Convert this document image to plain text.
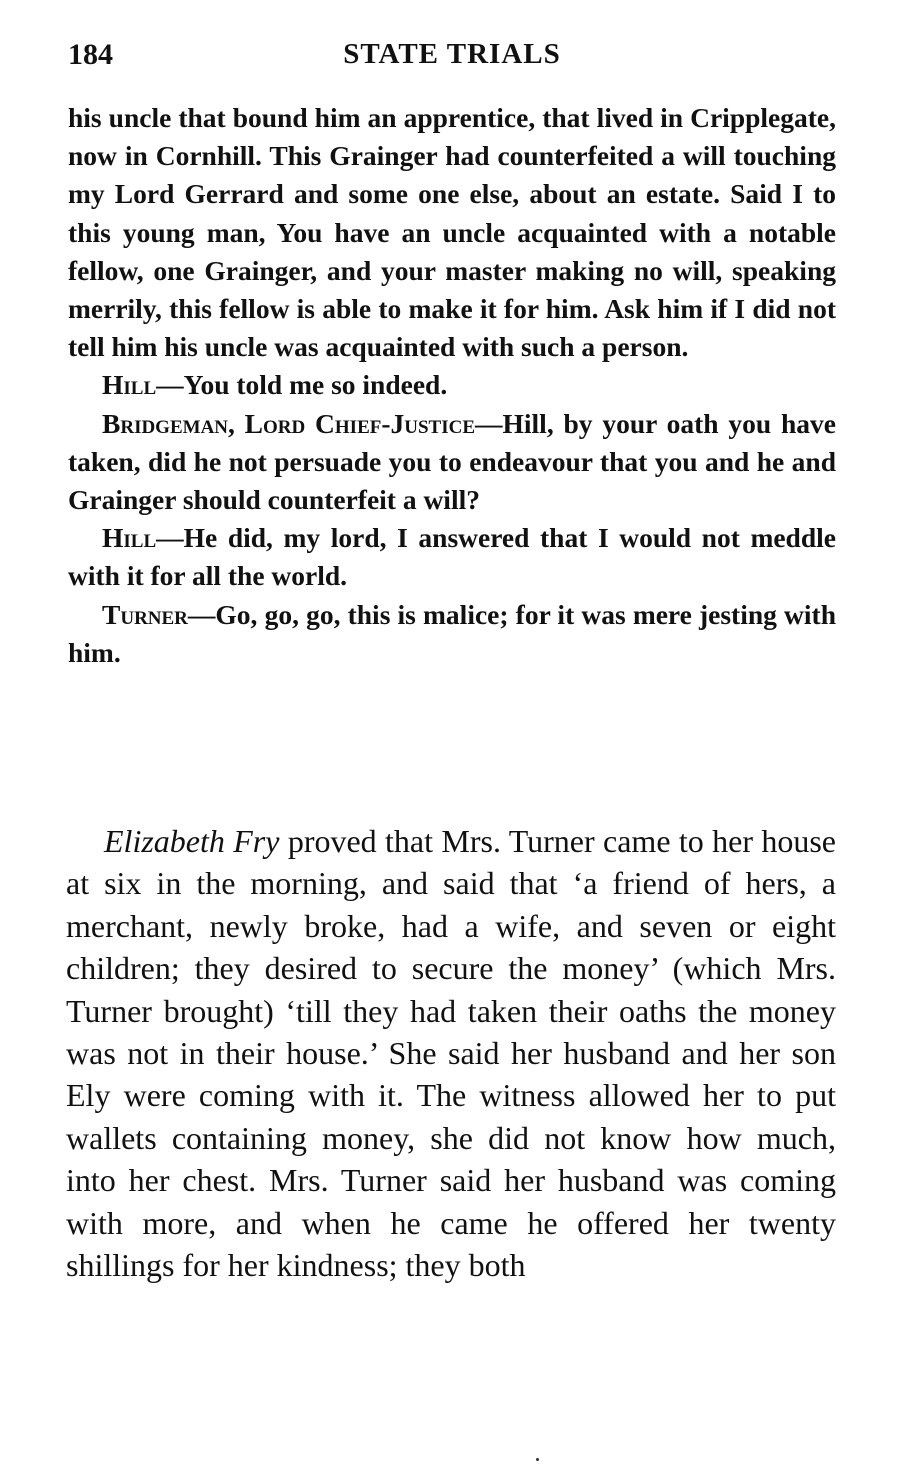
184	STATE TRIALS

his uncle that bound him an apprentice, that lived in Cripplegate, now in Cornhill. This Grainger had counterfeited a will touching my Lord Gerrard and some one else, about an estate. Said I to this young man, You have an uncle acquainted with a notable fellow, one Grainger, and your master making no will, speaking merrily, this fellow is able to make it for him. Ask him if I did not tell him his uncle was acquainted with such a person.

Hill—You told me so indeed.

Bridgeman, Lord Chief-Justice—Hill, by your oath you have taken, did he not persuade you to endeavour that you and he and Grainger should counterfeit a will?

Hill—He did, my lord, I answered that I would not meddle with it for all the world.

Turner—Go, go, go, this is malice; for it was mere jesting with him.

Elizabeth Fry proved that Mrs. Turner came to her house at six in the morning, and said that ‘a friend of hers, a merchant, newly broke, had a wife, and seven or eight children; they desired to secure the money’ (which Mrs. Turner brought) ‘till they had taken their oaths the money was not in their house.’ She said her husband and her son Ely were coming with it. The witness allowed her to put wallets containing money, she did not know how much, into her chest. Mrs. Turner said her husband was coming with more, and when he came he offered her twenty shillings for her kindness; they both
